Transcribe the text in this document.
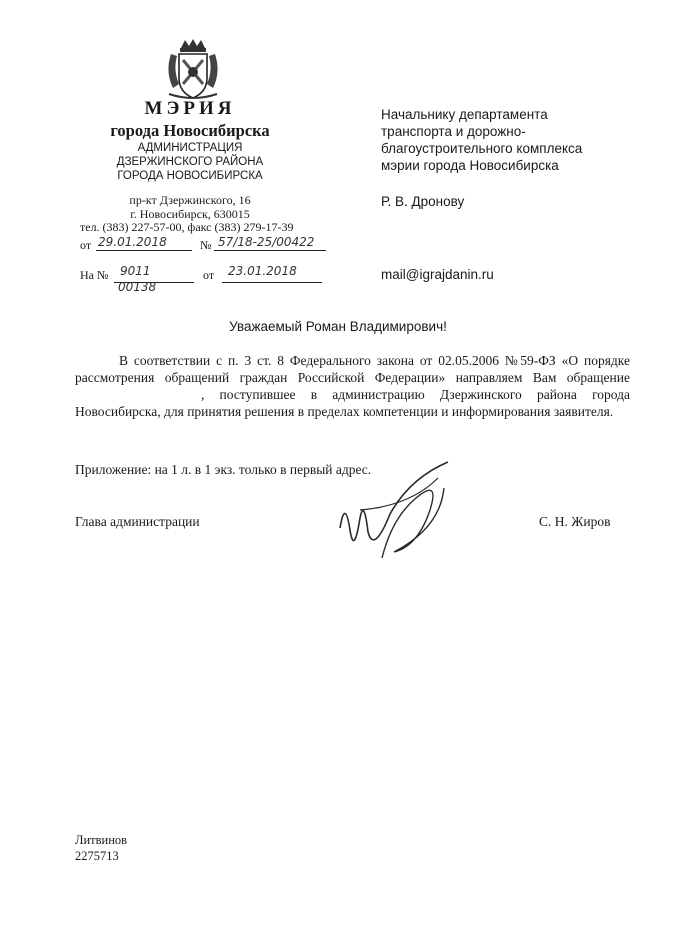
МЭРИЯ
города Новосибирска
АДМИНИСТРАЦИЯ
ДЗЕРЖИНСКОГО РАЙОНА
ГОРОДА НОВОСИБИРСКА
пр-кт Дзержинского, 16
г. Новосибирск, 630015
тел. (383) 227-57-00, факс (383) 279-17-39
от 29.01.2018	№ 57/18-25/00422
На № 9011
00138
от 23.01.2018
Начальнику департамента
транспорта и дорожно-
благоустроительного комплекса
мэрии города Новосибирска
Р. В. Дронову
mail@igrajdanin.ru
Уважаемый Роман Владимирович!
В соответствии с п. 3 ст. 8 Федерального закона от 02.05.2006 №59-ФЗ «О порядке рассмотрения обращений граждан Российской Федерации» направляем Вам обращение , поступившее в администрацию Дзержинского района города Новосибирска, для принятия решения в пределах компетенции и информирования заявителя.
Приложение: на 1 л. в 1 экз. только в первый адрес.
Глава администрации	С. Н. Жиров
Литвинов
2275713
